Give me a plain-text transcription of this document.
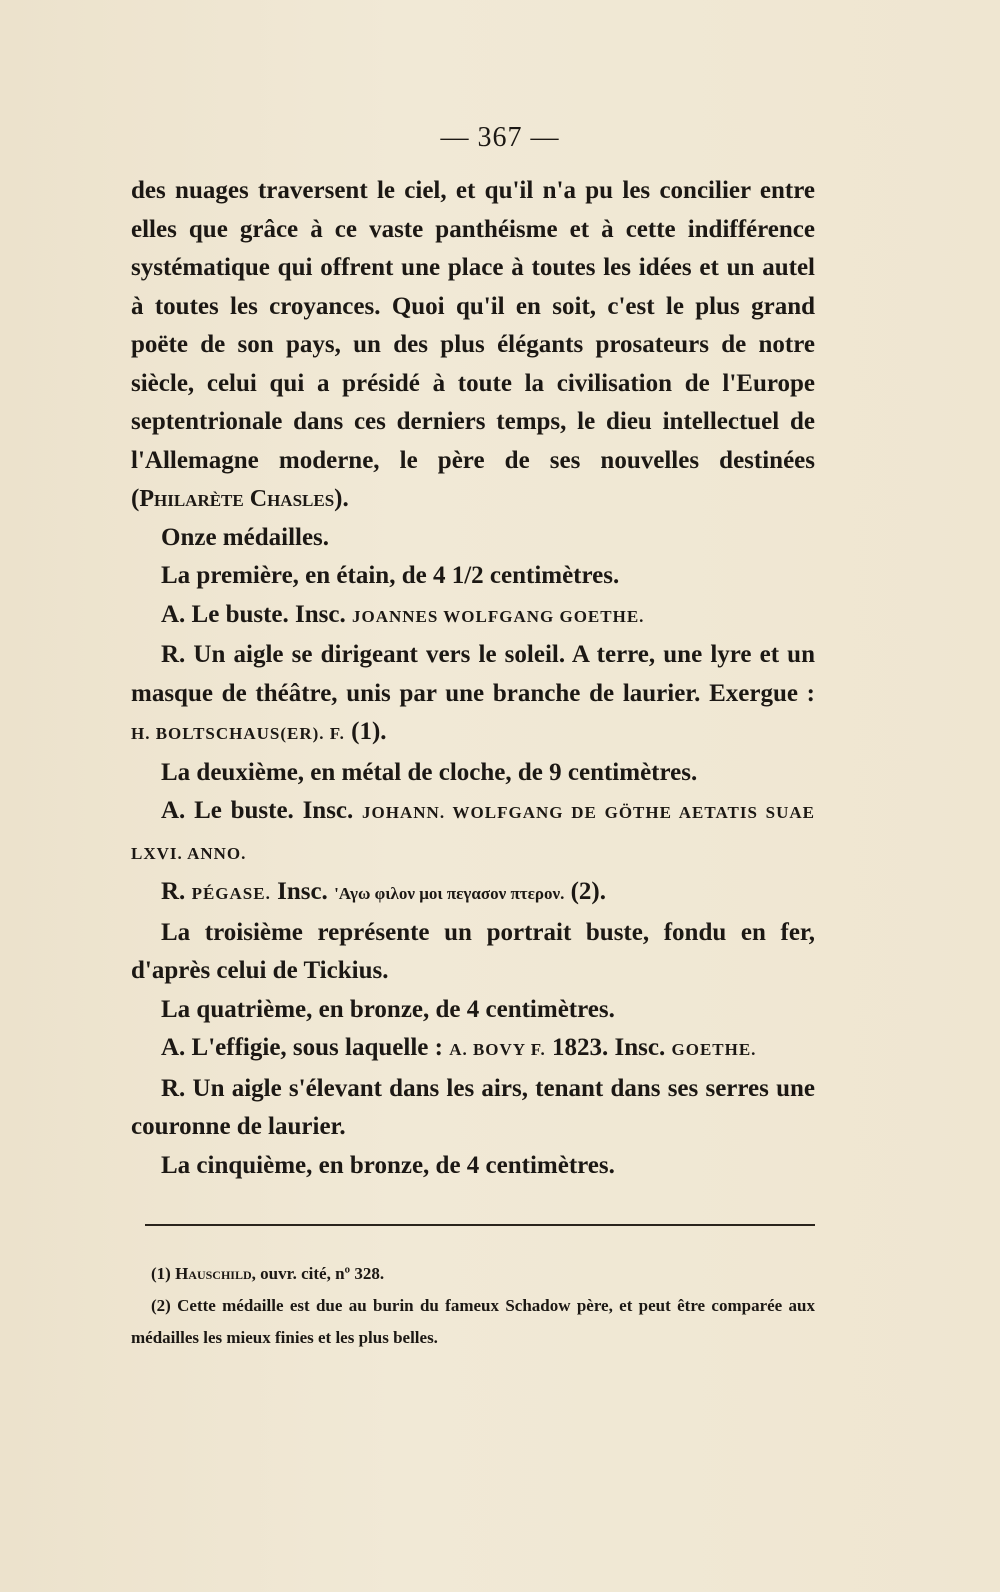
— 367 —

des nuages traversent le ciel, et qu'il n'a pu les concilier entre elles que grâce à ce vaste panthéisme et à cette indifférence systématique qui offrent une place à toutes les idées et un autel à toutes les croyances. Quoi qu'il en soit, c'est le plus grand poëte de son pays, un des plus élégants prosateurs de notre siècle, celui qui a présidé à toute la civilisation de l'Europe septentrionale dans ces derniers temps, le dieu intellectuel de l'Allemagne moderne, le père de ses nouvelles destinées (Philarète Chasles).

Onze médailles.

La première, en étain, de 4 1/2 centimètres.

A. Le buste. Insc. JOANNES WOLFGANG GOETHE.

R. Un aigle se dirigeant vers le soleil. A terre, une lyre et un masque de théâtre, unis par une branche de laurier. Exergue : H. BOLTSCHAUS(ER). F. (1).

La deuxième, en métal de cloche, de 9 centimètres.

A. Le buste. Insc. JOHANN. WOLFGANG DE GÖTHE AETATIS SUAE LXVI. ANNO.

R. PÉGASE. Insc. 'Αγω φιλον μοι πεγασον πτερον. (2).

La troisième représente un portrait buste, fondu en fer, d'après celui de Tickius.

La quatrième, en bronze, de 4 centimètres.

A. L'effigie, sous laquelle : A. BOVY F. 1823. Insc. GOETHE.

R. Un aigle s'élevant dans les airs, tenant dans ses serres une couronne de laurier.

La cinquième, en bronze, de 4 centimètres.

(1) Hauschild, ouvr. cité, nº 328.

(2) Cette médaille est due au burin du fameux Schadow père, et peut être comparée aux médailles les mieux finies et les plus belles.
